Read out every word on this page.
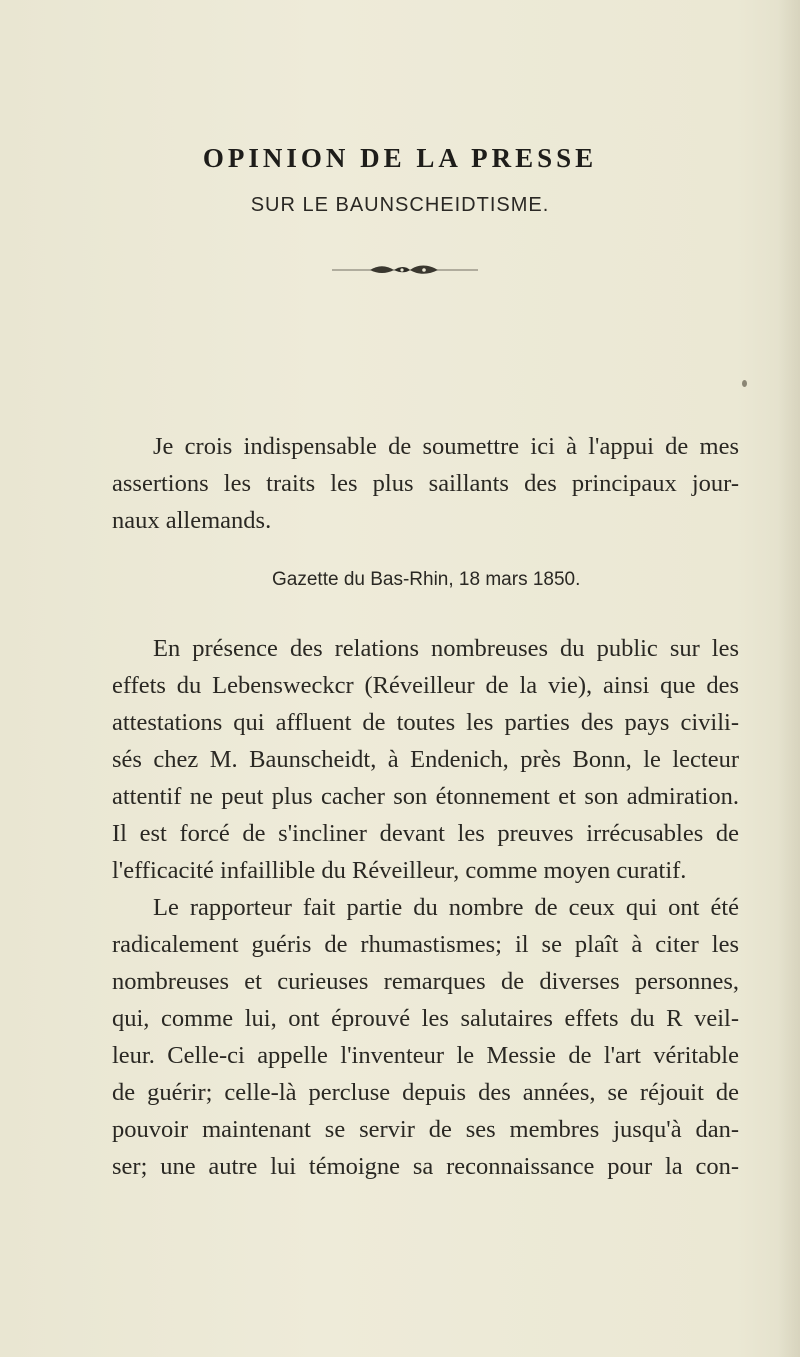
OPINION DE LA PRESSE
SUR LE BAUNSCHEIDTISME.
Je crois indispensable de soumettre ici à l'appui de mes
assertions les traits les plus saillants des principaux jour-
naux allemands.
Gazette du Bas-Rhin, 18 mars 1850.
En présence des relations nombreuses du public sur les
effets du Lebensweckcr (Réveilleur de la vie), ainsi que des
attestations qui affluent de toutes les parties des pays civili-
sés chez M. Baunscheidt, à Endenich, près Bonn, le lecteur
attentif ne peut plus cacher son étonnement et son admiration.
Il est forcé de s'incliner devant les preuves irrécusables de
l'efficacité infaillible du Réveilleur, comme moyen curatif.
Le rapporteur fait partie du nombre de ceux qui ont été
radicalement guéris de rhumastismes; il se plaît à citer les
nombreuses et curieuses remarques de diverses personnes,
qui, comme lui, ont éprouvé les salutaires effets du R veil-
leur. Celle-ci appelle l'inventeur le Messie de l'art véritable
de guérir; celle-là percluse depuis des années, se réjouit de
pouvoir maintenant se servir de ses membres jusqu'à dan-
ser; une autre lui témoigne sa reconnaissance pour la con-
